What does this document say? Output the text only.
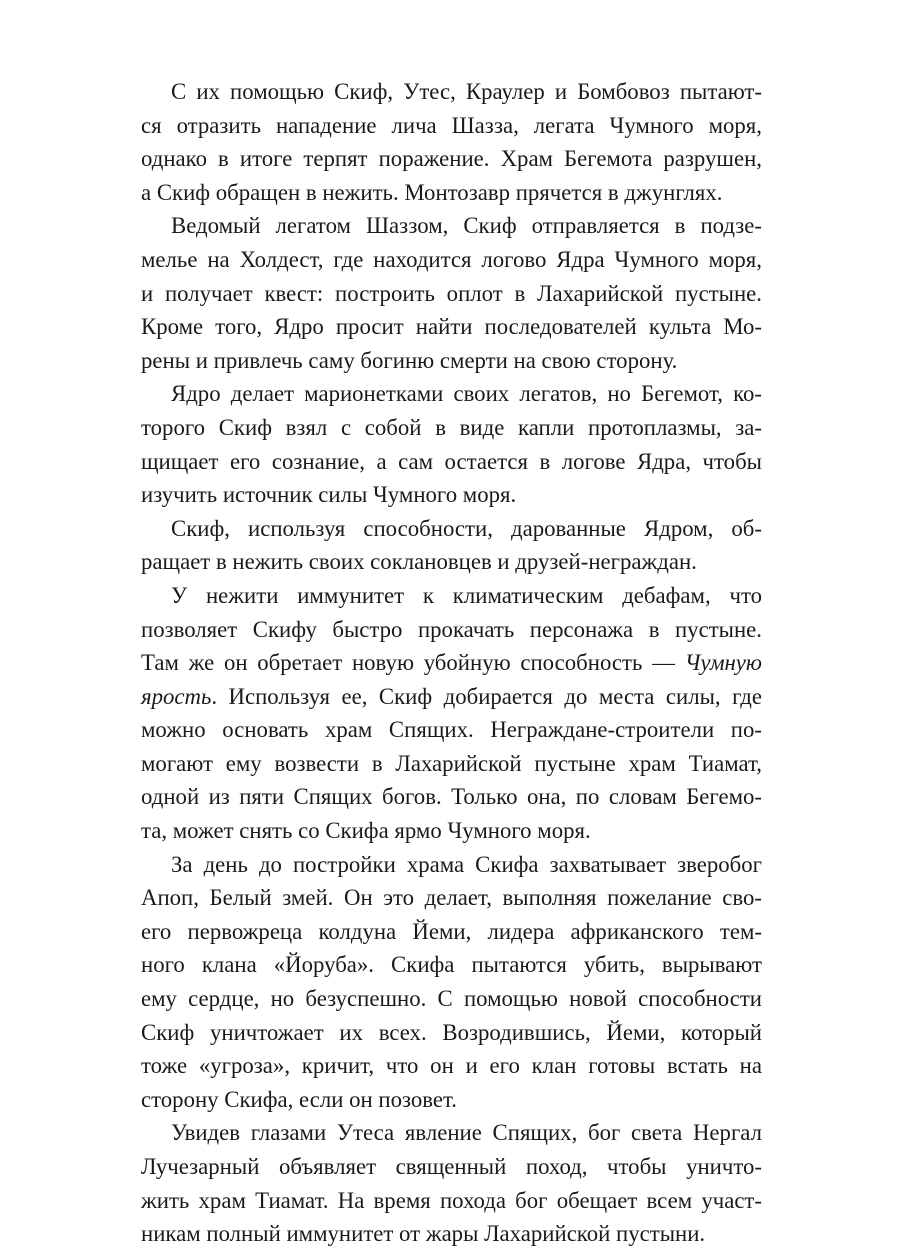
С их помощью Скиф, Утес, Краулер и Бомбовоз пытают-
ся отразить нападение лича Шазза, легата Чумного моря,
однако в итоге терпят поражение. Храм Бегемота разрушен,
а Скиф обращен в нежить. Монтозавр прячется в джунглях.
Ведомый легатом Шаззом, Скиф отправляется в подзе-
мелье на Холдест, где находится логово Ядра Чумного моря,
и получает квест: построить оплот в Лахарийской пустыне.
Кроме того, Ядро просит найти последователей культа Мо-
рены и привлечь саму богиню смерти на свою сторону.
Ядро делает марионетками своих легатов, но Бегемот, ко-
торого Скиф взял с собой в виде капли протоплазмы, за-
щищает его сознание, а сам остается в логове Ядра, чтобы
изучить источник силы Чумного моря.
Скиф, используя способности, дарованные Ядром, об-
ращает в нежить своих соклановцев и друзей-неграждан.
У нежити иммунитет к климатическим дебафам, что
позволяет Скифу быстро прокачать персонажа в пустыне.
Там же он обретает новую убойную способность — Чумную
ярость. Используя ее, Скиф добирается до места силы, где
можно основать храм Спящих. Неграждане-строители по-
могают ему возвести в Лахарийской пустыне храм Тиамат,
одной из пяти Спящих богов. Только она, по словам Бегемо-
та, может снять со Скифа ярмо Чумного моря.
За день до постройки храма Скифа захватывает зверобог
Апоп, Белый змей. Он это делает, выполняя пожелание сво-
его первожреца колдуна Йеми, лидера африканского тем-
ного клана «Йоруба». Скифа пытаются убить, вырывают
ему сердце, но безуспешно. С помощью новой способности
Скиф уничтожает их всех. Возродившись, Йеми, который
тоже «угроза», кричит, что он и его клан готовы встать на
сторону Скифа, если он позовет.
Увидев глазами Утеса явление Спящих, бог света Нергал
Лучезарный объявляет священный поход, чтобы уничто-
жить храм Тиамат. На время похода бог обещает всем участ-
никам полный иммунитет от жары Лахарийской пустыни.
